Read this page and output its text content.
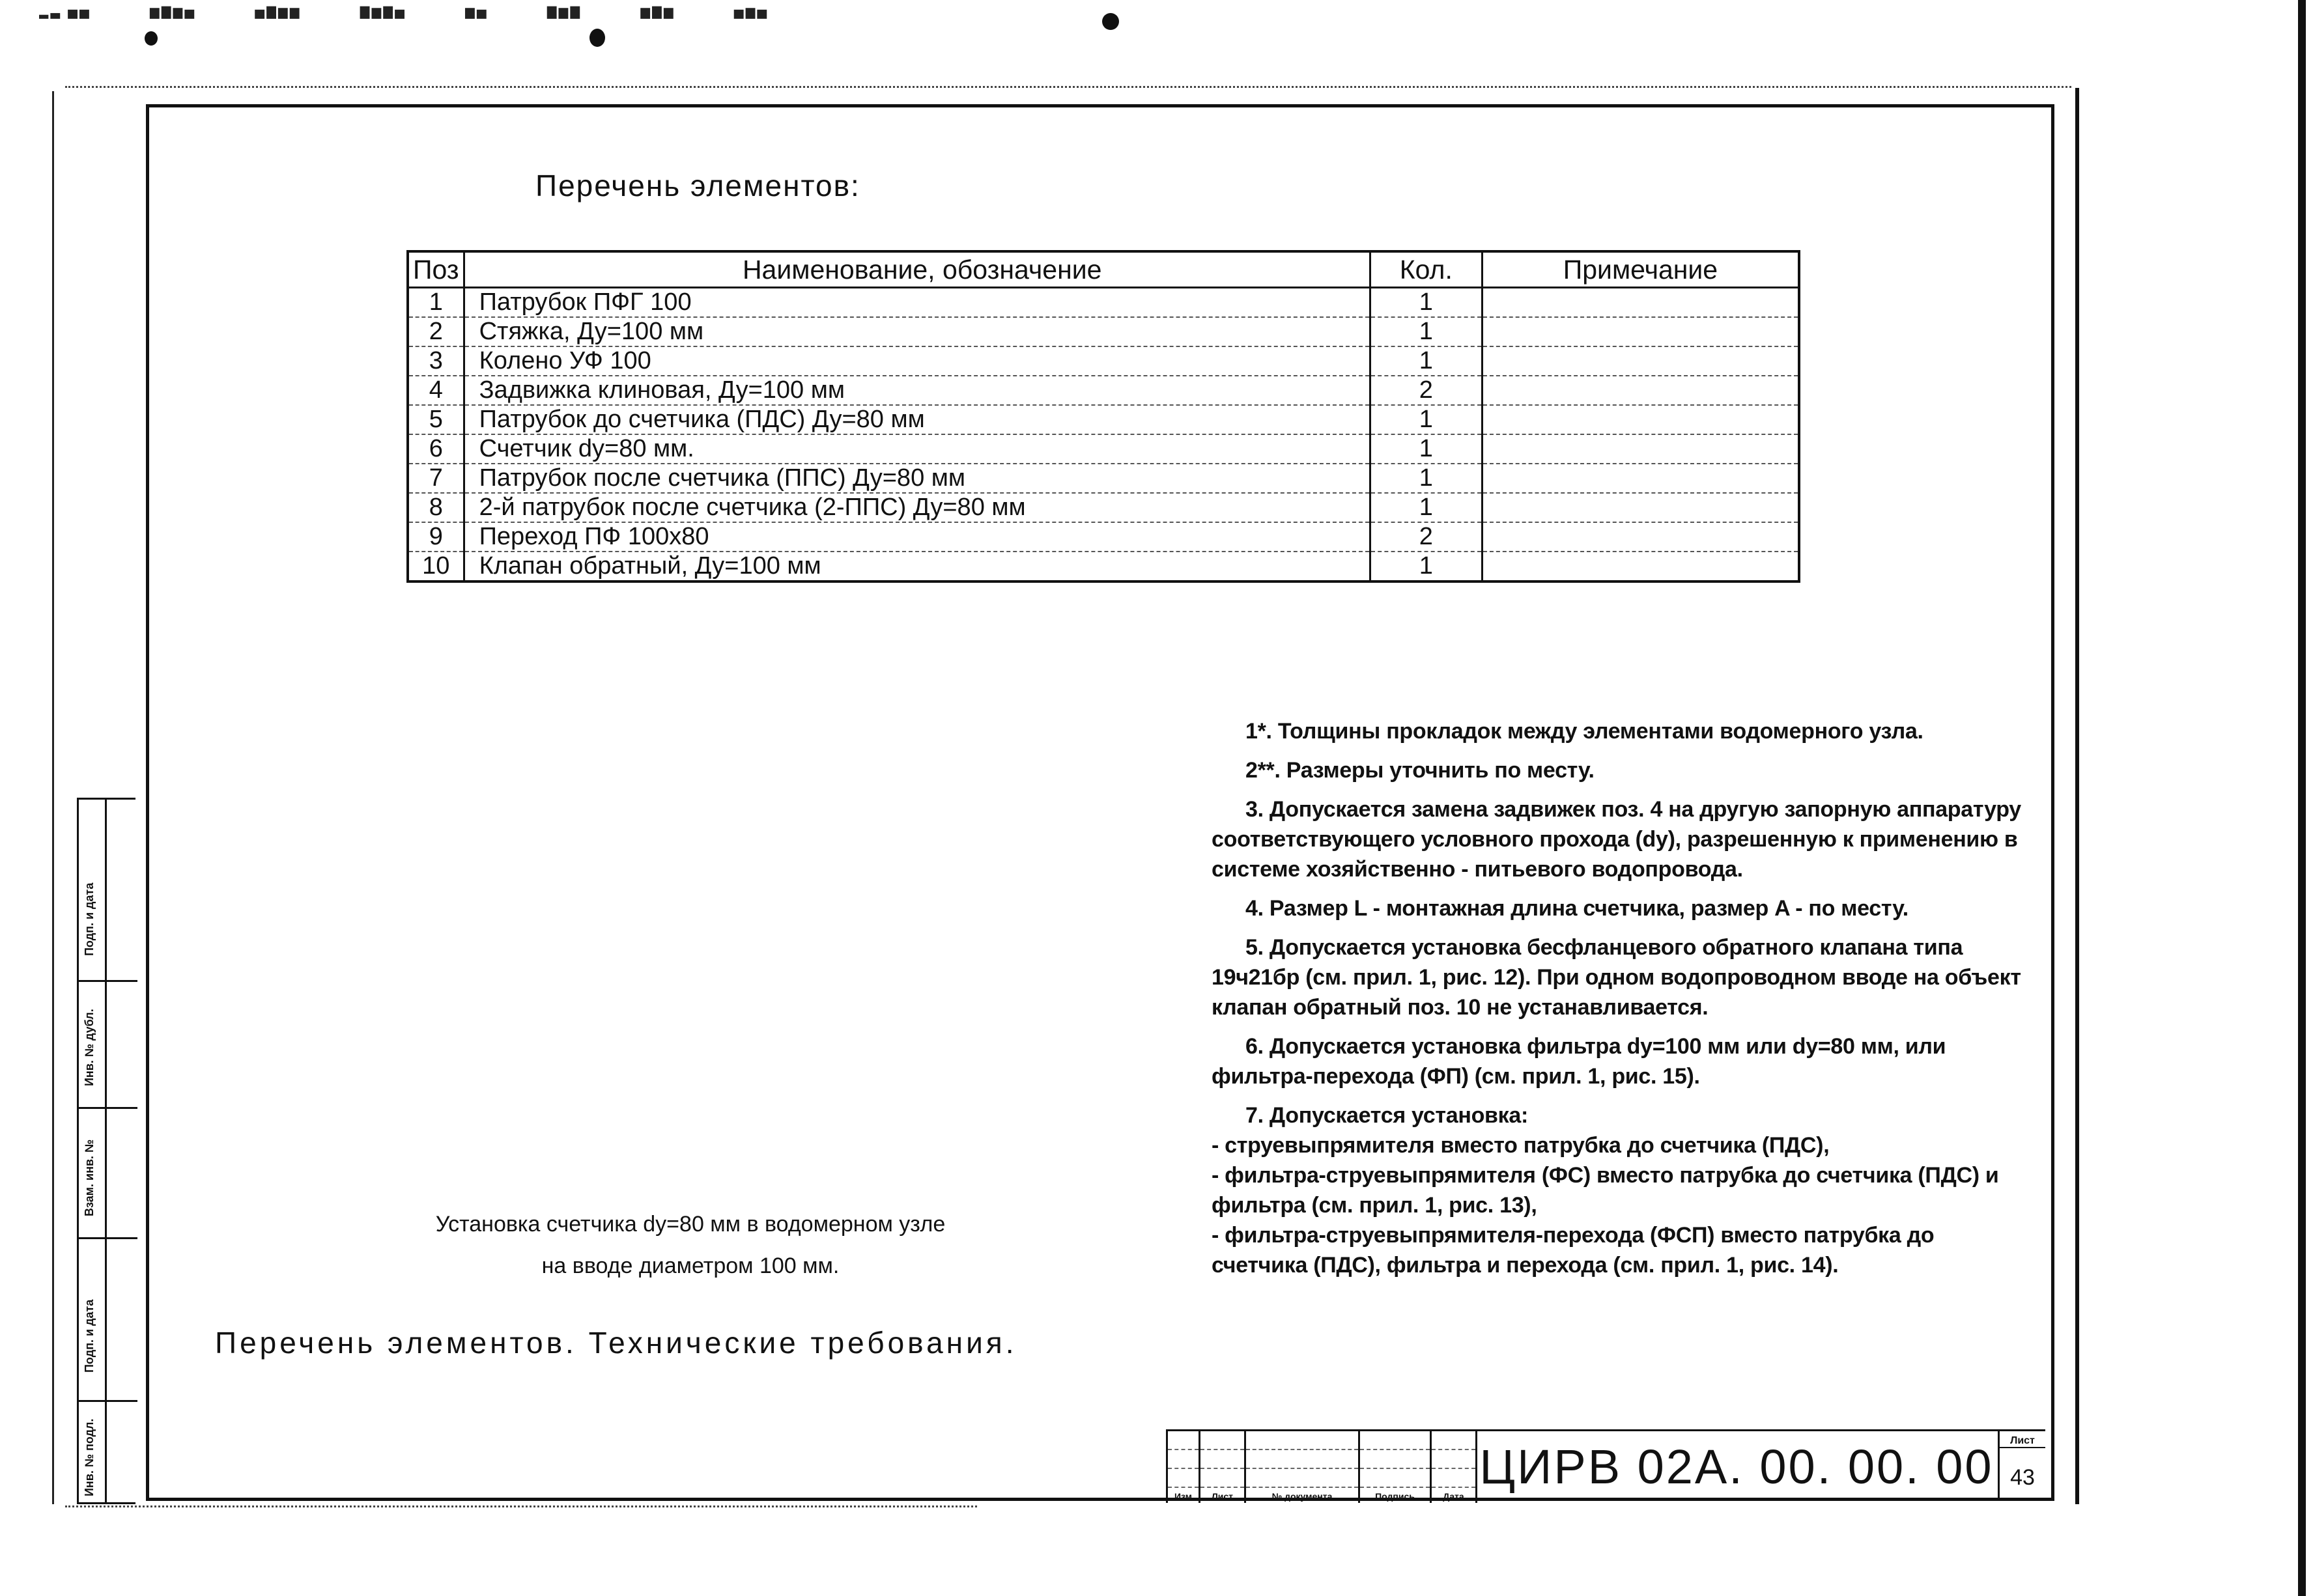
▂▃ ▅▅	▆▇▆▅	▅▇▆▆	▇▆▇▅	▆▅	▇▆▇	▆▇▆	▅▆▅
Перечень элементов:
Поз	Наименование, обозначение	Кол.	Примечание
1	Патрубок ПФГ 100	1	
2	Стяжка, Ду=100 мм	1	
3	Колено УФ 100	1	
4	Задвижка клиновая, Ду=100 мм	2	
5	Патрубок до счетчика (ПДС) Ду=80 мм	1	
6	Счетчик dy=80 мм.	1	
7	Патрубок после счетчика (ППС) Ду=80 мм	1	
8	2-й патрубок после счетчика (2-ППС) Ду=80 мм	1	
9	Переход ПФ 100х80	2	
10	Клапан обратный, Ду=100 мм	1	
1*. Толщины прокладок между элементами водомерного узла.
2**. Размеры уточнить по месту.
3. Допускается замена задвижек поз. 4 на другую запорную аппаратуру соответствующего условного прохода (dy), разрешенную к применению в системе хозяйственно - питьевого водопровода.
4. Размер L - монтажная длина счетчика, размер A - по месту.
5. Допускается установка бесфланцевого обратного клапана типа 19ч21бр (см. прил. 1, рис. 12). При одном водопроводном вводе на объект клапан обратный поз. 10 не устанавливается.
6. Допускается установка фильтра dy=100 мм или dy=80 мм, или фильтра-перехода (ФП) (см. прил. 1, рис. 15).
7. Допускается установка:
- струевыпрямителя вместо патрубка до счетчика (ПДС),
- фильтра-струевыпрямителя (ФС) вместо патрубка до счетчика (ПДС) и фильтра (см. прил. 1, рис. 13),
- фильтра-струевыпрямителя-перехода (ФСП) вместо патрубка до счетчика (ПДС), фильтра и перехода (см. прил. 1, рис. 14).
Установка счетчика dy=80 мм в водомерном узле
на вводе диаметром 100 мм.
Перечень элементов. Технические требования.
Подп. и дата
Инв. № дубл.
Взам. инв. №
Подп. и дата
Инв. № подл.	Изм	Лист	№ документа	Подпись	Дата
ЦИРВ 02А. 00. 00. 00	Лист
43
